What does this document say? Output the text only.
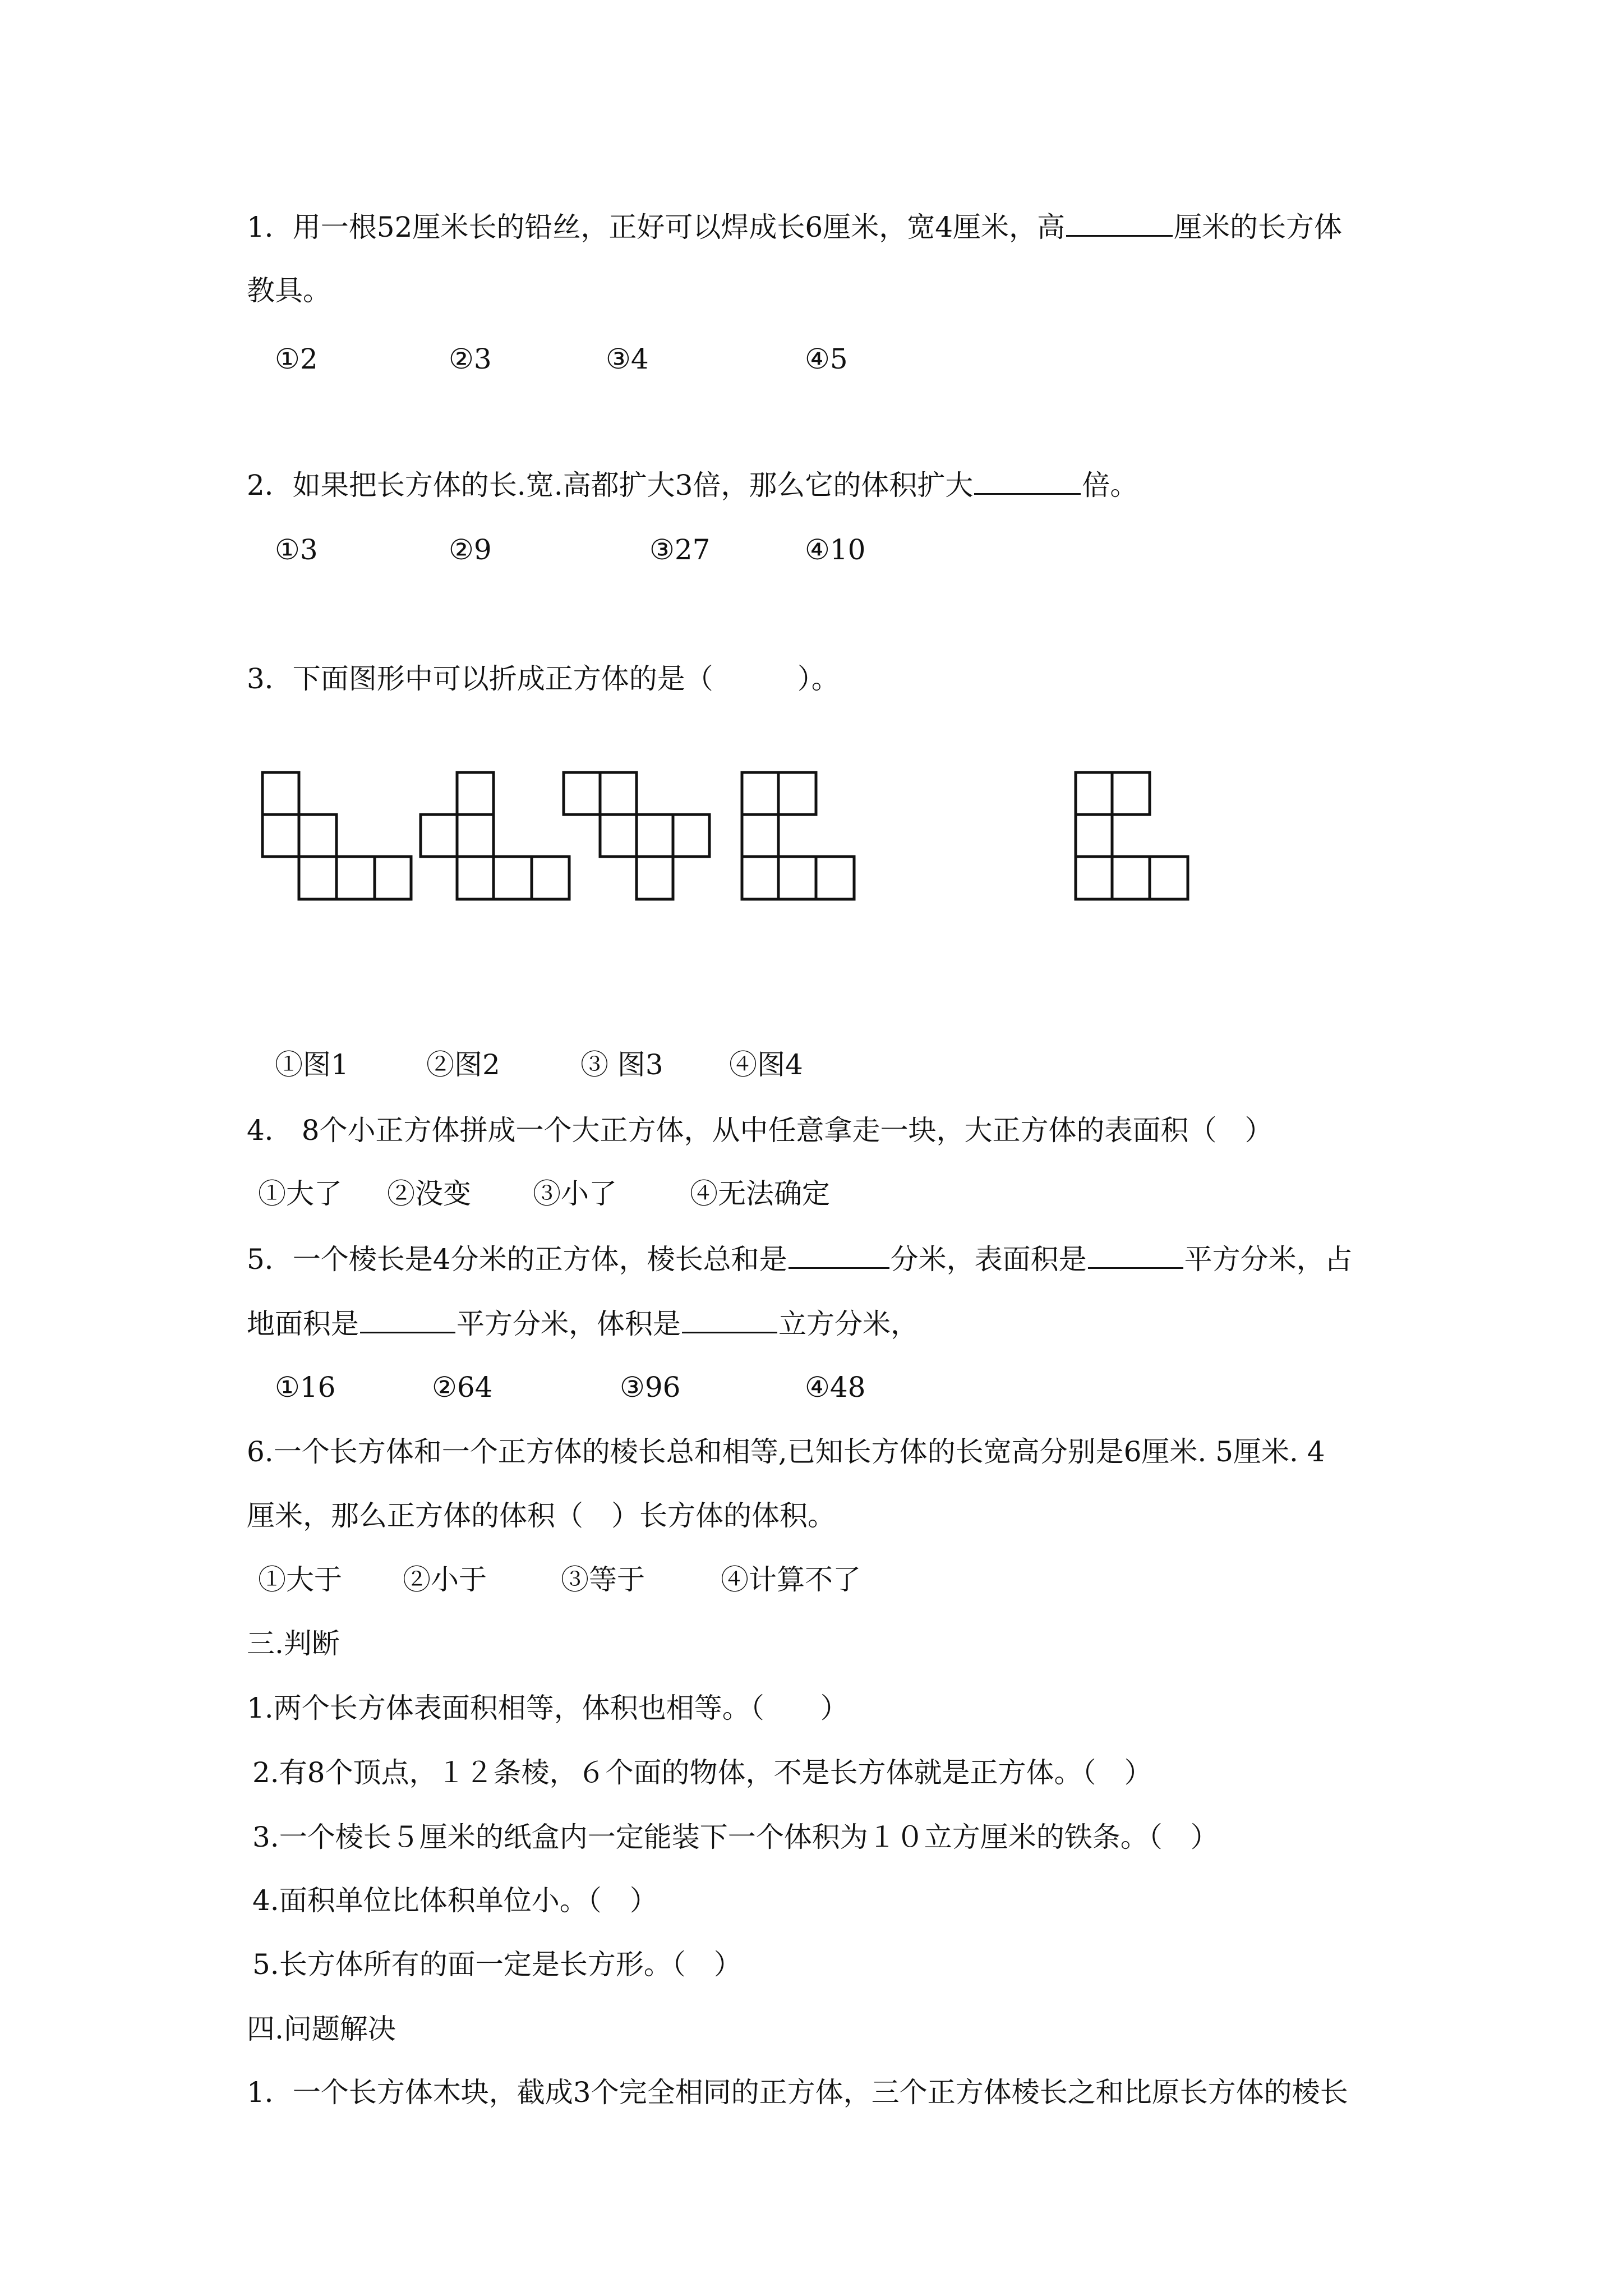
1．用一根52厘米长的铅丝，正好可以焊成长6厘米，宽4厘米，高	厘米的长方体
教具。
①2	②3	③4	④5
2．如果把长方体的长.宽.高都扩大3倍，那么它的体积扩大	倍。
①3	②9	③27	④10
3．下面图形中可以折成正方体的是（　　　）。
①图1	②图2	③ 图3 ④图4
4． 8个小正方体拼成一个大正方体，从中任意拿走一块，大正方体的表面积（　）
①大了 ②没变 ③小了	④无法确定
5．一个棱长是4分米的正方体，棱长总和是	分米，表面积是	平方分米，占
地面积是	平方分米，体积是	立方分米，
①16	②64	③96	④48
6.一个长方体和一个正方体的棱长总和相等,已知长方体的长宽高分别是6厘米. 5厘米. 4
厘米，那么正方体的体积（　）长方体的体积。
①大于 ②小于	③等于	④计算不了
三.判断
1.两个长方体表面积相等，体积也相等。（　　）
2.有8个顶点，１２条棱，６个面的物体，不是长方体就是正方体。（　）
3.一个棱长５厘米的纸盒内一定能装下一个体积为１０立方厘米的铁条。（　）
4.面积单位比体积单位小。（　）
5.长方体所有的面一定是长方形。（　）
四.问题解决
1．一个长方体木块，截成3个完全相同的正方体，三个正方体棱长之和比原长方体的棱长
